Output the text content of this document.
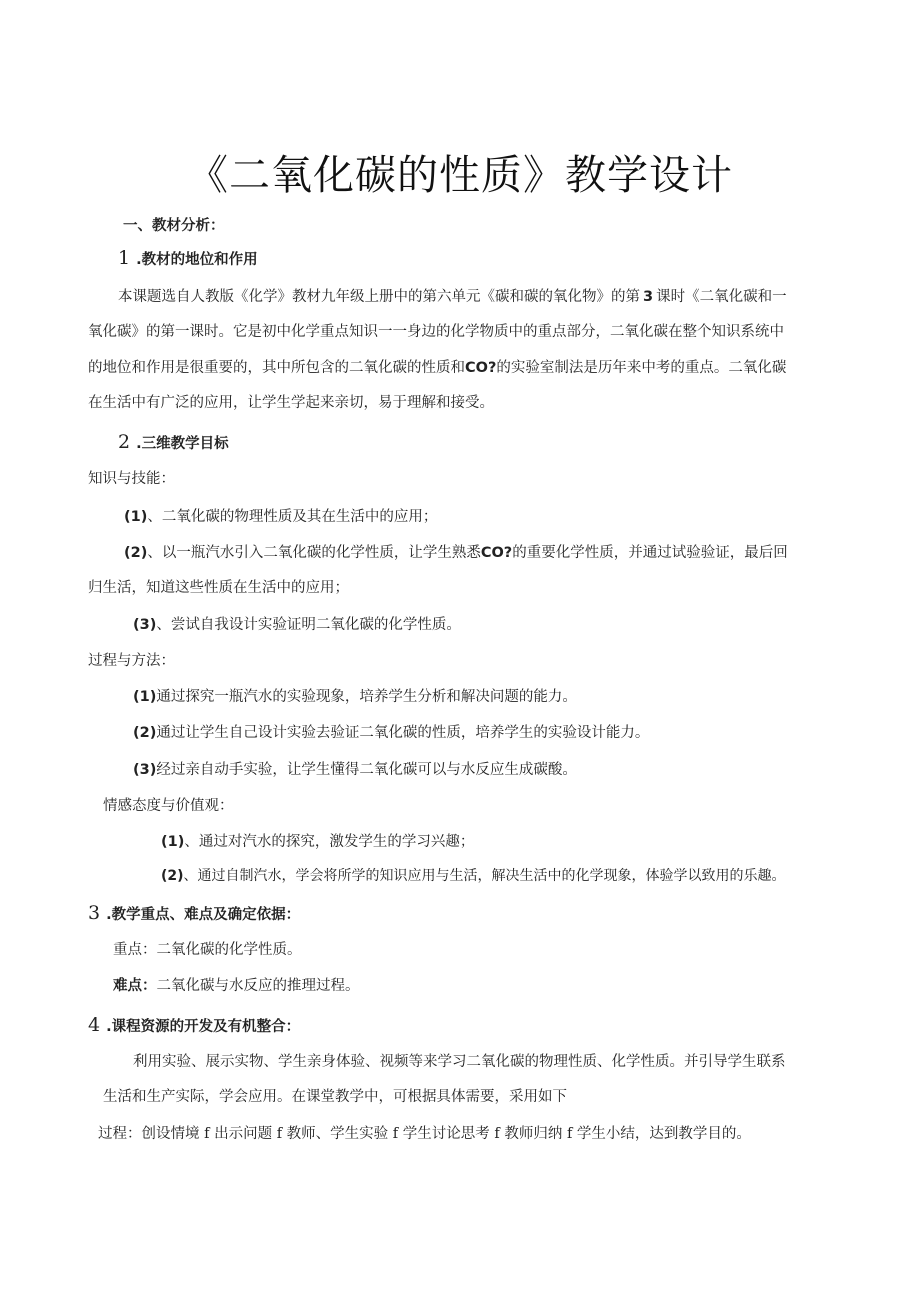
《二氧化碳的性质》教学设计
一、教材分析：
1 .教材的地位和作用
本课题选自人教版《化学》教材九年级上册中的第六单元《碳和碳的氧化物》的第 3 课时《二氧化碳和一
氧化碳》的第一课时。它是初中化学重点知识一一身边的化学物质中的重点部分，二氧化碳在整个知识系统中
的地位和作用是很重要的，其中所包含的二氧化碳的性质和CO?的实验室制法是历年来中考的重点。二氧化碳
在生活中有广泛的应用，让学生学起来亲切，易于理解和接受。
2 .三维教学目标
知识与技能：
(1)、二氧化碳的物理性质及其在生活中的应用；
(2)、以一瓶汽水引入二氧化碳的化学性质，让学生熟悉CO?的重要化学性质，并通过试验验证，最后回
归生活，知道这些性质在生活中的应用；
(3)、尝试自我设计实验证明二氧化碳的化学性质。
过程与方法：
(1)通过探究一瓶汽水的实验现象，培养学生分析和解决问题的能力。
(2)通过让学生自己设计实验去验证二氧化碳的性质，培养学生的实验设计能力。
(3)经过亲自动手实验，让学生懂得二氧化碳可以与水反应生成碳酸。
情感态度与价值观：
(1)、通过对汽水的探究，激发学生的学习兴趣；
(2)、通过自制汽水，学会将所学的知识应用与生活，解决生活中的化学现象，体验学以致用的乐趣。
3 .教学重点、难点及确定依据：
重点：二氧化碳的化学性质。
难点：二氧化碳与水反应的推理过程。
4 .课程资源的开发及有机整合：
利用实验、展示实物、学生亲身体验、视频等来学习二氧化碳的物理性质、化学性质。并引导学生联系
生活和生产实际，学会应用。在课堂教学中，可根据具体需要，采用如下
过程：创设情境 f 出示问题 f 教师、学生实验 f 学生讨论思考 f 教师归纳 f 学生小结，达到教学目的。
